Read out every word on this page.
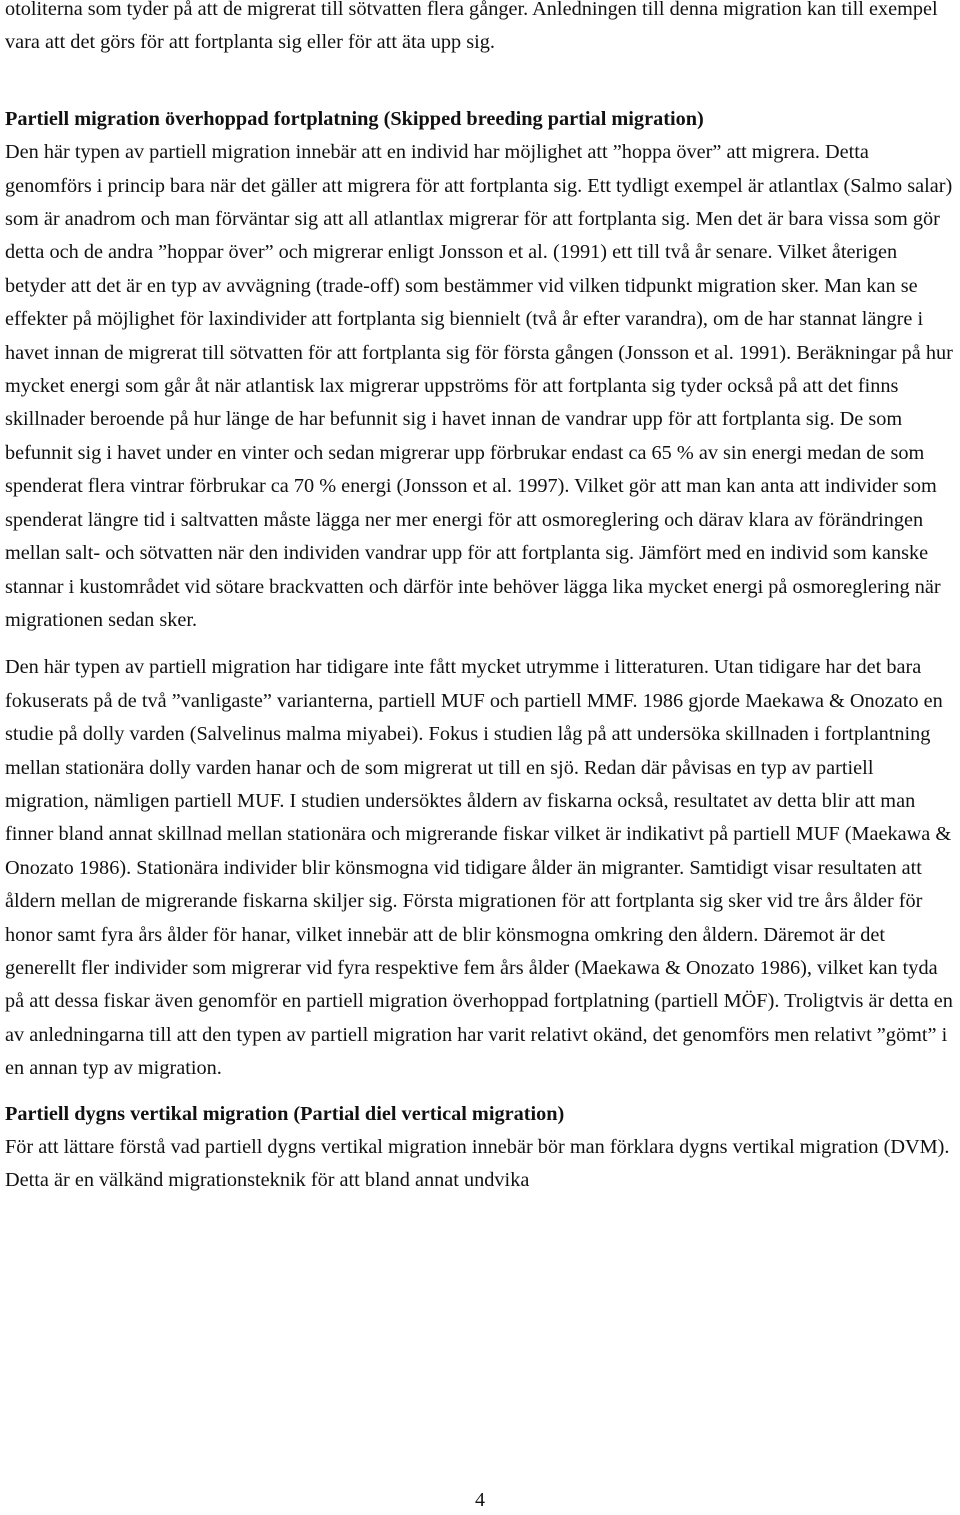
otoliterna som tyder på att de migrerat till sötvatten flera gånger. Anledningen till denna migration kan till exempel vara att det görs för att fortplanta sig eller för att äta upp sig.

Partiell migration överhoppad fortplatning (Skipped breeding partial migration)

Den här typen av partiell migration innebär att en individ har möjlighet att ”hoppa över” att migrera. Detta genomförs i princip bara när det gäller att migrera för att fortplanta sig. Ett tydligt exempel är atlantlax (Salmo salar) som är anadrom och man förväntar sig att all atlantlax migrerar för att fortplanta sig. Men det är bara vissa som gör detta och de andra ”hoppar över” och migrerar enligt Jonsson et al. (1991) ett till två år senare. Vilket återigen betyder att det är en typ av avvägning (trade-off) som bestämmer vid vilken tidpunkt migration sker. Man kan se effekter på möjlighet för laxindivider att fortplanta sig biennielt (två år efter varandra), om de har stannat längre i havet innan de migrerat till sötvatten för att fortplanta sig för första gången (Jonsson et al. 1991). Beräkningar på hur mycket energi som går åt när atlantisk lax migrerar uppströms för att fortplanta sig tyder också på att det finns skillnader beroende på hur länge de har befunnit sig i havet innan de vandrar upp för att fortplanta sig. De som befunnit sig i havet under en vinter och sedan migrerar upp förbrukar endast ca 65 % av sin energi medan de som spenderat flera vintrar förbrukar ca 70 % energi (Jonsson et al. 1997). Vilket gör att man kan anta att individer som spenderat längre tid i saltvatten måste lägga ner mer energi för att osmoreglering och därav klara av förändringen mellan salt- och sötvatten när den individen vandrar upp för att fortplanta sig. Jämfört med en individ som kanske stannar i kustområdet vid sötare brackvatten och därför inte behöver lägga lika mycket energi på osmoreglering när migrationen sedan sker.

Den här typen av partiell migration har tidigare inte fått mycket utrymme i litteraturen. Utan tidigare har det bara fokuserats på de två ”vanligaste” varianterna, partiell MUF och partiell MMF. 1986 gjorde Maekawa & Onozato en studie på dolly varden (Salvelinus malma miyabei). Fokus i studien låg på att undersöka skillnaden i fortplantning mellan stationära dolly varden hanar och de som migrerat ut till en sjö. Redan där påvisas en typ av partiell migration, nämligen partiell MUF. I studien undersöktes åldern av fiskarna också, resultatet av detta blir att man finner bland annat skillnad mellan stationära och migrerande fiskar vilket är indikativt på partiell MUF (Maekawa & Onozato 1986). Stationära individer blir könsmogna vid tidigare ålder än migranter. Samtidigt visar resultaten att åldern mellan de migrerande fiskarna skiljer sig. Första migrationen för att fortplanta sig sker vid tre års ålder för honor samt fyra års ålder för hanar, vilket innebär att de blir könsmogna omkring den åldern. Däremot är det generellt fler individer som migrerar vid fyra respektive fem års ålder (Maekawa & Onozato 1986), vilket kan tyda på att dessa fiskar även genomför en partiell migration överhoppad fortplatning (partiell MÖF). Troligtvis är detta en av anledningarna till att den typen av partiell migration har varit relativt okänd, det genomförs men relativt ”gömt” i en annan typ av migration.

Partiell dygns vertikal migration (Partial diel vertical migration)

För att lättare förstå vad partiell dygns vertikal migration innebär bör man förklara dygns vertikal migration (DVM). Detta är en välkänd migrationsteknik för att bland annat undvika

4
